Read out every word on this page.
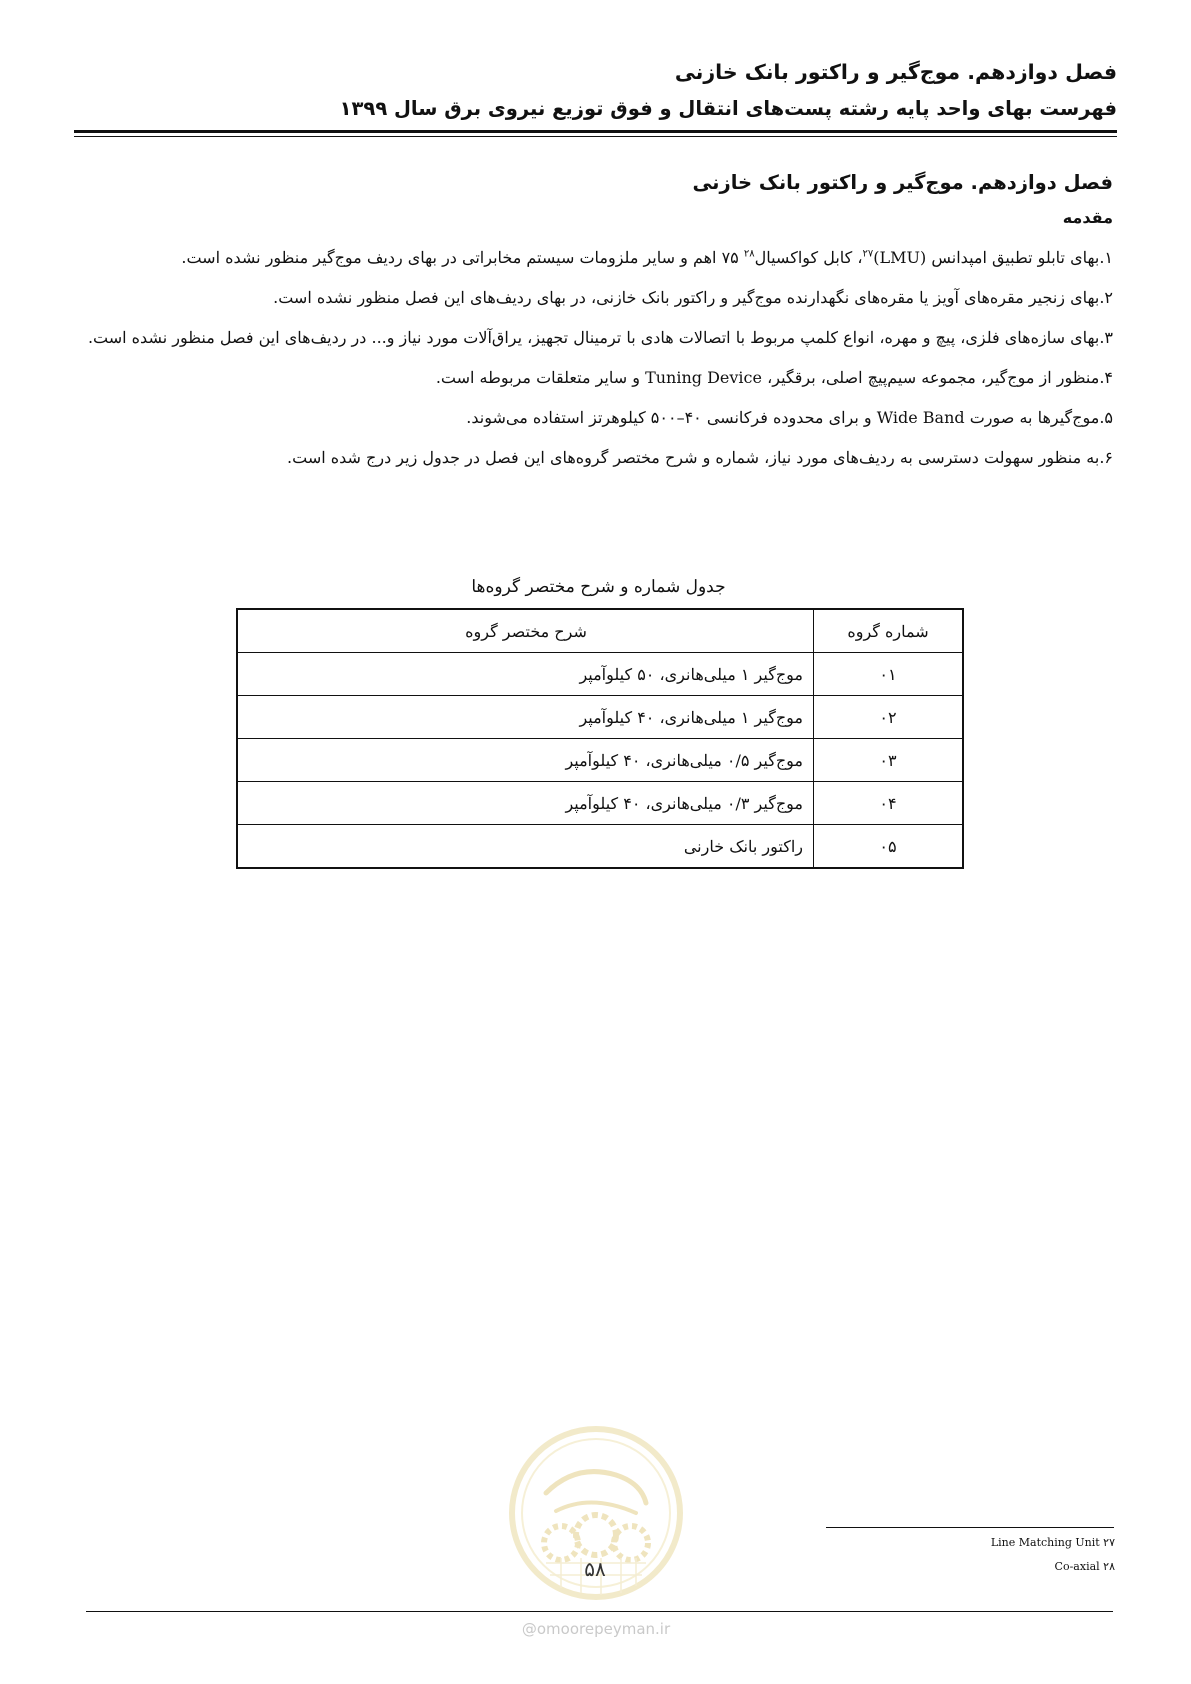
فصل دوازدهم. موج‌گیر و راکتور بانک خازنی
فهرست بهای واحد پایه رشته پست‌های انتقال و فوق توزیع نیروی برق سال ۱۳۹۹
فصل دوازدهم. موج‌گیر و راکتور بانک خازنی
مقدمه

۱.بهای تابلو تطبیق امپدانس (LMU)$^{۲۷}$، کابل کواکسیال$^{۲۸}$ ۷۵ اهم و سایر ملزومات سیستم مخابراتی در بهای ردیف موج‌گیر منظور نشده است.

۲.بهای زنجیر مقره‌های آویز یا مقره‌های نگهدارنده موج‌گیر و راکتور بانک خازنی، در بهای ردیف‌های این فصل منظور نشده است.

۳.بهای سازه‌های فلزی، پیچ و مهره، انواع کلمپ مربوط با اتصالات هادی با ترمینال تجهیز، یراق‌آلات مورد نیاز و... در ردیف‌های این فصل منظور نشده است.

۴.منظور از موج‌گیر، مجموعه سیم‌پیچ اصلی، برقگیر، Tuning Device و سایر متعلقات مربوطه است.

۵.موج‌گیرها به صورت Wide Band و برای محدوده فرکانسی ۴۰–۵۰۰ کیلوهرتز استفاده می‌شوند.

۶.به منظور سهولت دسترسی به ردیف‌های مورد نیاز، شماره و شرح مختصر گروه‌های این فصل در جدول زیر درج شده است.

جدول شماره و شرح مختصر گروه‌ها
شماره گروه	شرح مختصر گروه
۰۱	موج‌گیر ۱ میلی‌هانری، ۵۰ کیلوآمپر
۰۲	موج‌گیر ۱ میلی‌هانری، ۴۰ کیلوآمپر
۰۳	موج‌گیر ۰/۵ میلی‌هانری، ۴۰ کیلوآمپر
۰۴	موج‌گیر ۰/۳ میلی‌هانری، ۴۰ کیلوآمپر
۰۵	راکتور بانک خارنی
@omoorepeyman.ir
۲۷ Line Matching Unit
۲۸ Co-axial
۵۸
